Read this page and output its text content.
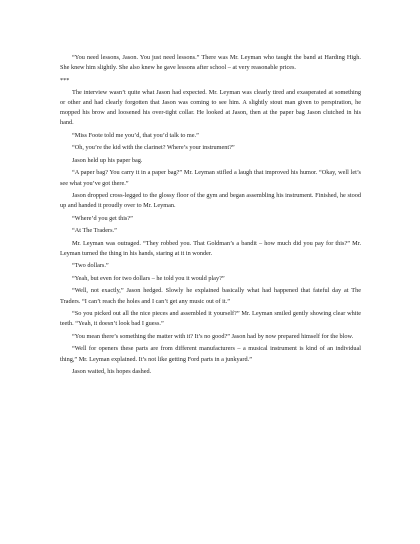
“You need lessons, Jason. You just need lessons.” There was Mr. Leyman who taught the band at Harding High. She knew him slightly. She also knew he gave lessons after school – at very reasonable prices.

***

The interview wasn’t quite what Jason had expected. Mr. Leyman was clearly tired and exasperated at something or other and had clearly forgotten that Jason was coming to see him. A slightly stout man given to perspiration, he mopped his brow and loosened his over-tight collar. He looked at Jason, then at the paper bag Jason clutched in his hand.

“Miss Foote told me you’d, that you’d talk to me.”

“Oh, you’re the kid with the clarinet? Where’s your instrument?”

Jason held up his paper bag.

“A paper bag? You carry it in a paper bag?” Mr. Leyman stifled a laugh that improved his humor. “Okay, well let’s see what you’ve got there.”

Jason dropped cross-legged to the glossy floor of the gym and began assembling his instrument. Finished, he stood up and handed it proudly over to Mr. Leyman.

“Where’d you get this?”

“At The Traders.”

Mr. Leyman was outraged. “They robbed you. That Goldman’s a bandit – how much did you pay for this?” Mr. Leyman turned the thing in his hands, staring at it in wonder.

“Two dollars.”

“Yeah, but even for two dollars – he told you it would play?”

“Well, not exactly,” Jason hedged. Slowly he explained basically what had happened that fateful day at The Traders. “I can’t reach the holes and I can’t get any music out of it.”

“So you picked out all the nice pieces and assembled it yourself?” Mr. Leyman smiled gently showing clear white teeth. “Yeah, it doesn’t look bad I guess.”

“You mean there’s something the matter with it? It’s no good?” Jason had by now prepared himself for the blow.

“Well for openers these parts are from different manufacturers – a musical instrument is kind of an individual thing,” Mr. Leyman explained. It’s not like getting Ford parts in a junkyard.”

Jason waited, his hopes dashed.
